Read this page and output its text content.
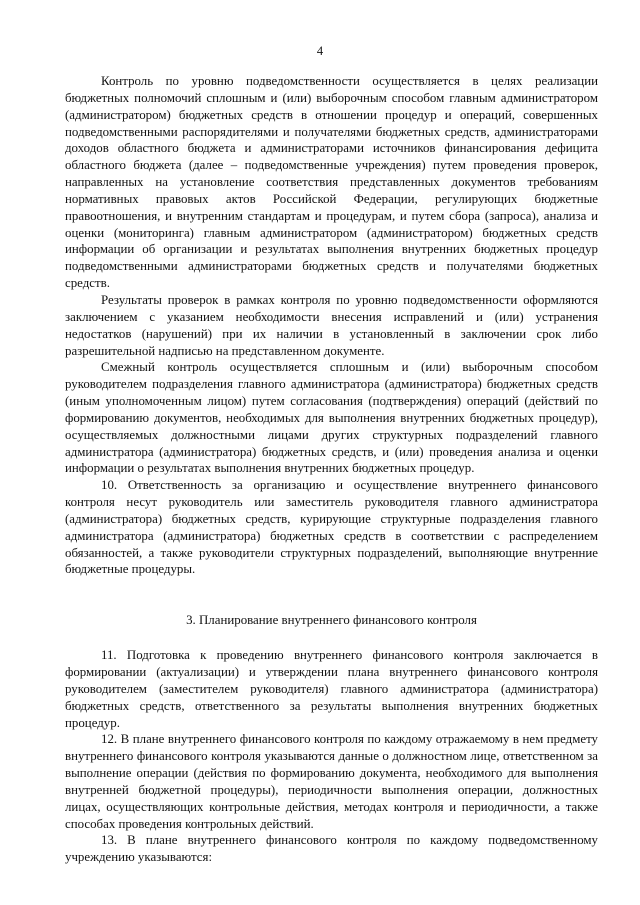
4

Контроль по уровню подведомственности осуществляется в целях реализации бюджетных полномочий сплошным и (или) выборочным способом главным администратором (администратором) бюджетных средств в отношении процедур и операций, совершенных подведомственными распорядителями и получателями бюджетных средств, администраторами доходов областного бюджета и администраторами источников финансирования дефицита областного бюджета (далее – подведомственные учреждения) путем проведения проверок, направленных на установление соответствия представленных документов требованиям нормативных правовых актов Российской Федерации, регулирующих бюджетные правоотношения, и внутренним стандартам и процедурам, и путем сбора (запроса), анализа и оценки (мониторинга) главным администратором (администратором) бюджетных средств информации об организации и результатах выполнения внутренних бюджетных процедур подведомственными администраторами бюджетных средств и получателями бюджетных средств.

Результаты проверок в рамках контроля по уровню подведомственности оформляются заключением с указанием необходимости внесения исправлений и (или) устранения недостатков (нарушений) при их наличии в установленный в заключении срок либо разрешительной надписью на представленном документе.

Смежный контроль осуществляется сплошным и (или) выборочным способом руководителем подразделения главного администратора (администратора) бюджетных средств (иным уполномоченным лицом) путем согласования (подтверждения) операций (действий по формированию документов, необходимых для выполнения внутренних бюджетных процедур), осуществляемых должностными лицами других структурных подразделений главного администратора (администратора) бюджетных средств, и (или) проведения анализа и оценки информации о результатах выполнения внутренних бюджетных процедур.

10. Ответственность за организацию и осуществление внутреннего финансового контроля несут руководитель или заместитель руководителя главного администратора (администратора) бюджетных средств, курирующие структурные подразделения главного администратора (администратора) бюджетных средств в соответствии с распределением обязанностей, а также руководители структурных подразделений, выполняющие внутренние бюджетные процедуры.

3. Планирование внутреннего финансового контроля

11. Подготовка к проведению внутреннего финансового контроля заключается в формировании (актуализации) и утверждении плана внутреннего финансового контроля руководителем (заместителем руководителя) главного администратора (администратора) бюджетных средств, ответственного за результаты выполнения внутренних бюджетных процедур.

12. В плане внутреннего финансового контроля по каждому отражаемому в нем предмету внутреннего финансового контроля указываются данные о должностном лице, ответственном за выполнение операции (действия по формированию документа, необходимого для выполнения внутренней бюджетной процедуры), периодичности выполнения операции, должностных лицах, осуществляющих контрольные действия, методах контроля и периодичности, а также способах проведения контрольных действий.

13. В плане внутреннего финансового контроля по каждому подведомственному учреждению указываются:
